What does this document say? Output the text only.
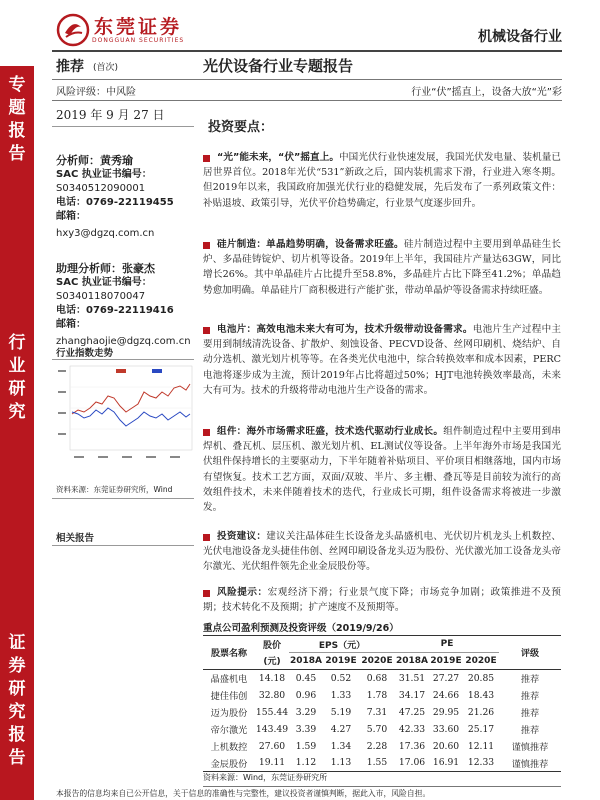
东莞证券
DONGGUAN SECURITIES	机械设备行业
专
题
报
告
行
业
研
究
证
券
研
究
报
告
推荐 (首次)	光伏设备行业专题报告
风险评级：中风险	行业“伏”摇直上，设备大放“光”彩
2019 年 9 月 27 日
投资要点：
分析师：黄秀瑜
SAC 执业证书编号：
S0340512090001
电话：0769-22119455
邮箱：
hxy3@dgzq.com.cn
助理分析师：张豪杰
SAC 执业证书编号：
S0340118070047
电话：0769-22119416
邮箱：
zhanghaojie@dgzq.com.cn
行业指数走势
资料来源：东莞证券研究所，Wind
相关报告
“光”能未来，“伏”摇直上。中国光伏行业快速发展，我国光伏发电量、装机量已居世界首位。2018年光伏“531”新政之后，国内装机需求下滑，行业进入寒冬期。但2019年以来，我国政府加强光伏行业的稳健发展，先后发布了一系列政策文件：补贴退坡、政策引导，光伏平价趋势确定，行业景气度逐步回升。
硅片制造：单晶趋势明确，设备需求旺盛。硅片制造过程中主要用到单晶硅生长炉、多晶硅铸锭炉、切片机等设备。2019年上半年，我国硅片产量达63GW，同比增长26%。其中单晶硅片占比提升至58.8%，多晶硅片占比下降至41.2%；单晶趋势愈加明确。单晶硅片厂商积极进行产能扩张，带动单晶炉等设备需求持续旺盛。
电池片：高效电池未来大有可为，技术升级带动设备需求。电池片生产过程中主要用到制绒清洗设备、扩散炉、刻蚀设备、PECVD设备、丝网印刷机、烧结炉、自动分选机、激光划片机等等。在各类光伏电池中，综合转换效率和成本因素，PERC电池将逐步成为主流，预计2019年占比将超过50%；HJT电池转换效率最高，未来大有可为。技术的升级将带动电池片生产设备的需求。
组件：海外市场需求旺盛，技术迭代驱动行业成长。组件制造过程中主要用到串焊机、叠瓦机、层压机、激光划片机、EL测试仪等设备。上半年海外市场是我国光伏组件保持增长的主要驱动力，下半年随着补贴项目、平价项目相继落地，国内市场有望恢复。技术工艺方面，双面/双玻、半片、多主栅、叠瓦等是目前较为流行的高效组件技术，未来伴随着技术的迭代，行业成长可期，组件设备需求将被进一步激发。
投资建议：建议关注晶体硅生长设备龙头晶盛机电、光伏切片机龙头上机数控、光伏电池设备龙头捷佳伟创、丝网印刷设备龙头迈为股份、光伏激光加工设备龙头帝尔激光、光伏组件领先企业金辰股份等。
风险提示：宏观经济下滑；行业景气度下降；市场竞争加剧；政策推进不及预期；技术转化不及预期；扩产速度不及预期等。
重点公司盈利预测及投资评级（2019/9/26）
股票名称	股价	EPS（元）			PE			评级
	(元)	2018A	2019E	2020E	2018A	2019E	2020E	
晶盛机电	14.18	0.45	0.52	0.68	31.51	27.27	20.85	推荐
捷佳伟创	32.80	0.96	1.33	1.78	34.17	24.66	18.43	推荐
迈为股份	155.44	3.29	5.19	7.31	47.25	29.95	21.26	推荐
帝尔激光	143.49	3.39	4.27	5.70	42.33	33.60	25.17	推荐
上机数控	27.60	1.59	1.34	2.28	17.36	20.60	12.11	谨慎推荐
金辰股份	19.11	1.12	1.13	1.55	17.06	16.91	12.33	谨慎推荐
资料来源：Wind，东莞证券研究所
本报告的信息均来自已公开信息，关于信息的准确性与完整性，建议投资者谨慎判断，据此入市，风险自担。
